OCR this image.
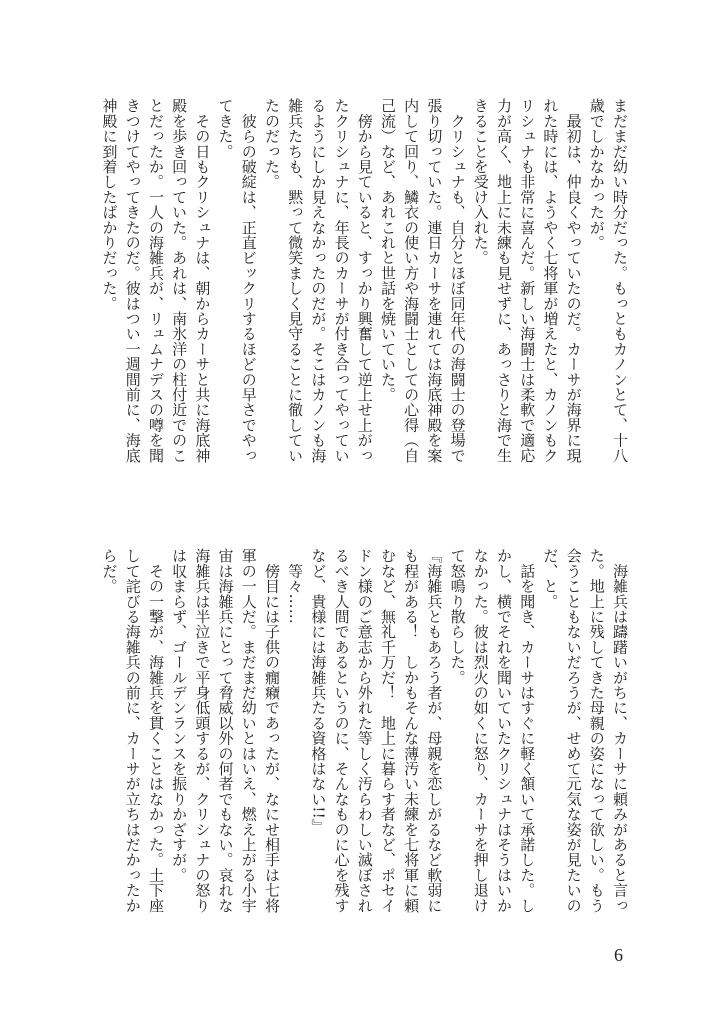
まだまだ幼い時分だった。もっともカノンとて、十八
歳でしかなかったが。
　最初は、仲良くやっていたのだ。カーサが海界に現
れた時には、ようやく七将軍が増えたと、カノンもク
リシュナも非常に喜んだ。新しい海闘士は柔軟で適応
力が高く、地上に未練も見せずに、あっさりと海で生
きることを受け入れた。
　クリシュナも、自分とほぼ同年代の海闘士の登場で
張り切っていた。連日カーサを連れては海底神殿を案
内して回り、鱗衣の使い方や海闘士としての心得（自
己流）など、あれこれと世話を焼いていた。
　傍から見ていると、すっかり興奮して逆上せ上がっ
たクリシュナに、年長のカーサが付き合ってやってい
るようにしか見えなかったのだが。そこはカノンも海
雑兵たちも、黙って微笑ましく見守ることに徹してい
たのだった。
　彼らの破綻は、正直ビックリするほどの早さでやっ
てきた。
　その日もクリシュナは、朝からカーサと共に海底神
殿を歩き回っていた。あれは、南氷洋の柱付近でのこ
とだったか。一人の海雑兵が、リュムナデスの噂を聞
きつけてやってきたのだ。彼はつい一週間前に、海底
神殿に到着したばかりだった。
　海雑兵は躊躇いがちに、カーサに頼みがあると言っ
た。地上に残してきた母親の姿になって欲しい。もう
会うこともないだろうが、せめて元気な姿が見たいの
だ、と。
　話を聞き、カーサはすぐに軽く頷いて承諾した。し
かし、横でそれを聞いていたクリシュナはそうはいか
なかった。彼は烈火の如くに怒り、カーサを押し退け
て怒鳴り散らした。
『海雑兵ともあろう者が、母親を恋しがるなど軟弱に
も程がある！　しかもそんな薄汚い未練を七将軍に頼
むなど、無礼千万だ！　地上に暮らす者など、ポセイ
ドン様のご意志から外れた等しく汚らわしい滅ぼされ
るべき人間であるというのに、そんなものに心を残す
など、貴様には海雑兵たる資格はない!!』
　等々……
　傍目には子供の癇癪であったが、なにせ相手は七将
軍の一人だ。まだまだ幼いとはいえ、燃え上がる小宇
宙は海雑兵にとって脅威以外の何者でもない。哀れな
海雑兵は半泣きで平身低頭するが、クリシュナの怒り
は収まらず、ゴールデンランスを振りかざすが。
　その一撃が、海雑兵を貫くことはなかった。土下座
して詫びる海雑兵の前に、カーサが立ちはだかったか
らだ。
6
